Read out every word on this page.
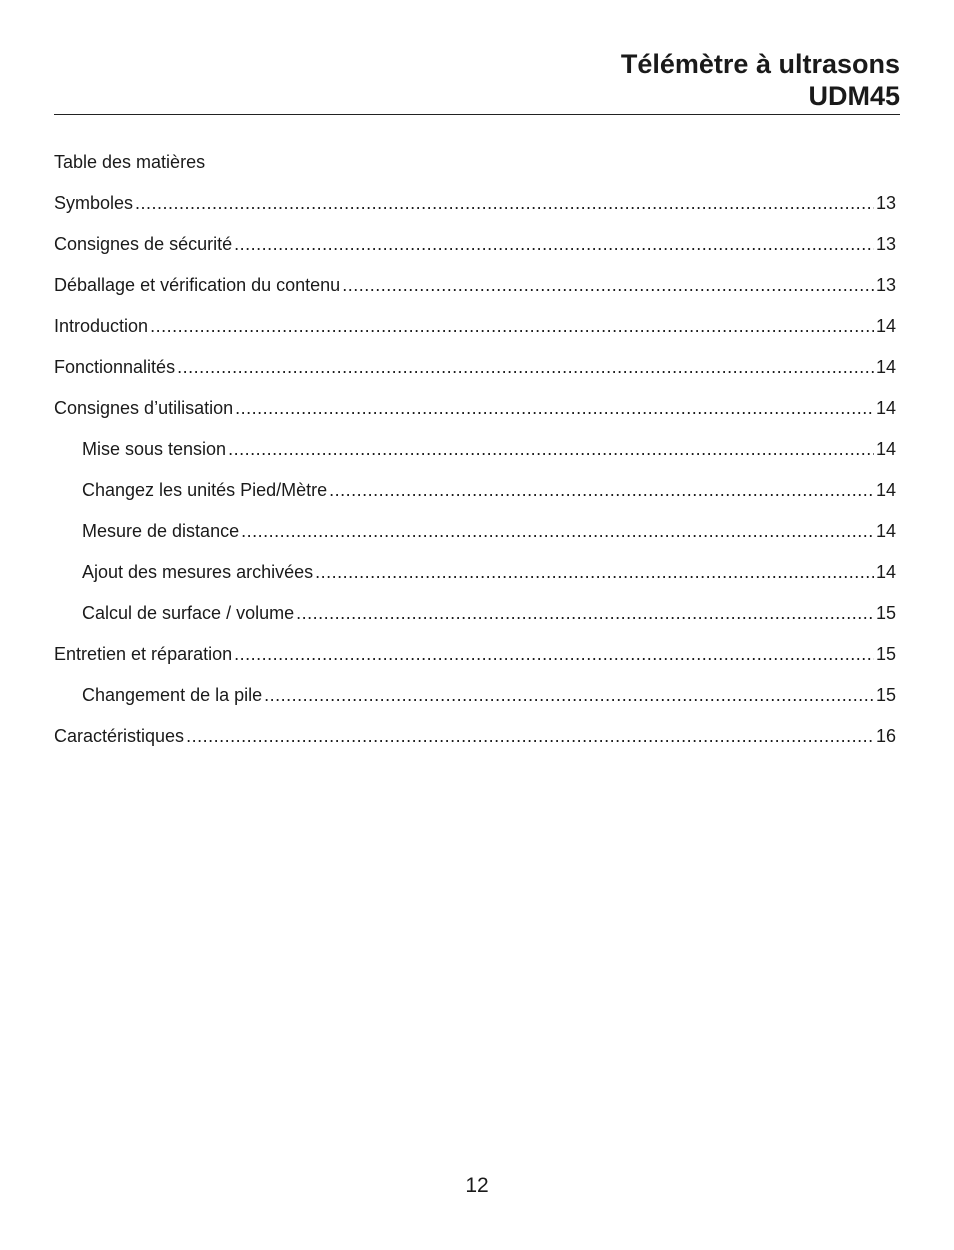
Télémètre à ultrasons
UDM45
Table des matières
Symboles .....	13
Consignes de sécurité .....	13
Déballage et vérification du contenu .....	13
Introduction .....	14
Fonctionnalités .....	14
Consignes d’utilisation .....	14
Mise sous tension .....	14
Changez les unités Pied/Mètre .....	14
Mesure de distance .....	14
Ajout des mesures archivées .....	14
Calcul de surface / volume .....	15
Entretien et réparation .....	15
Changement de la pile .....	15
Caractéristiques .....	16
12
